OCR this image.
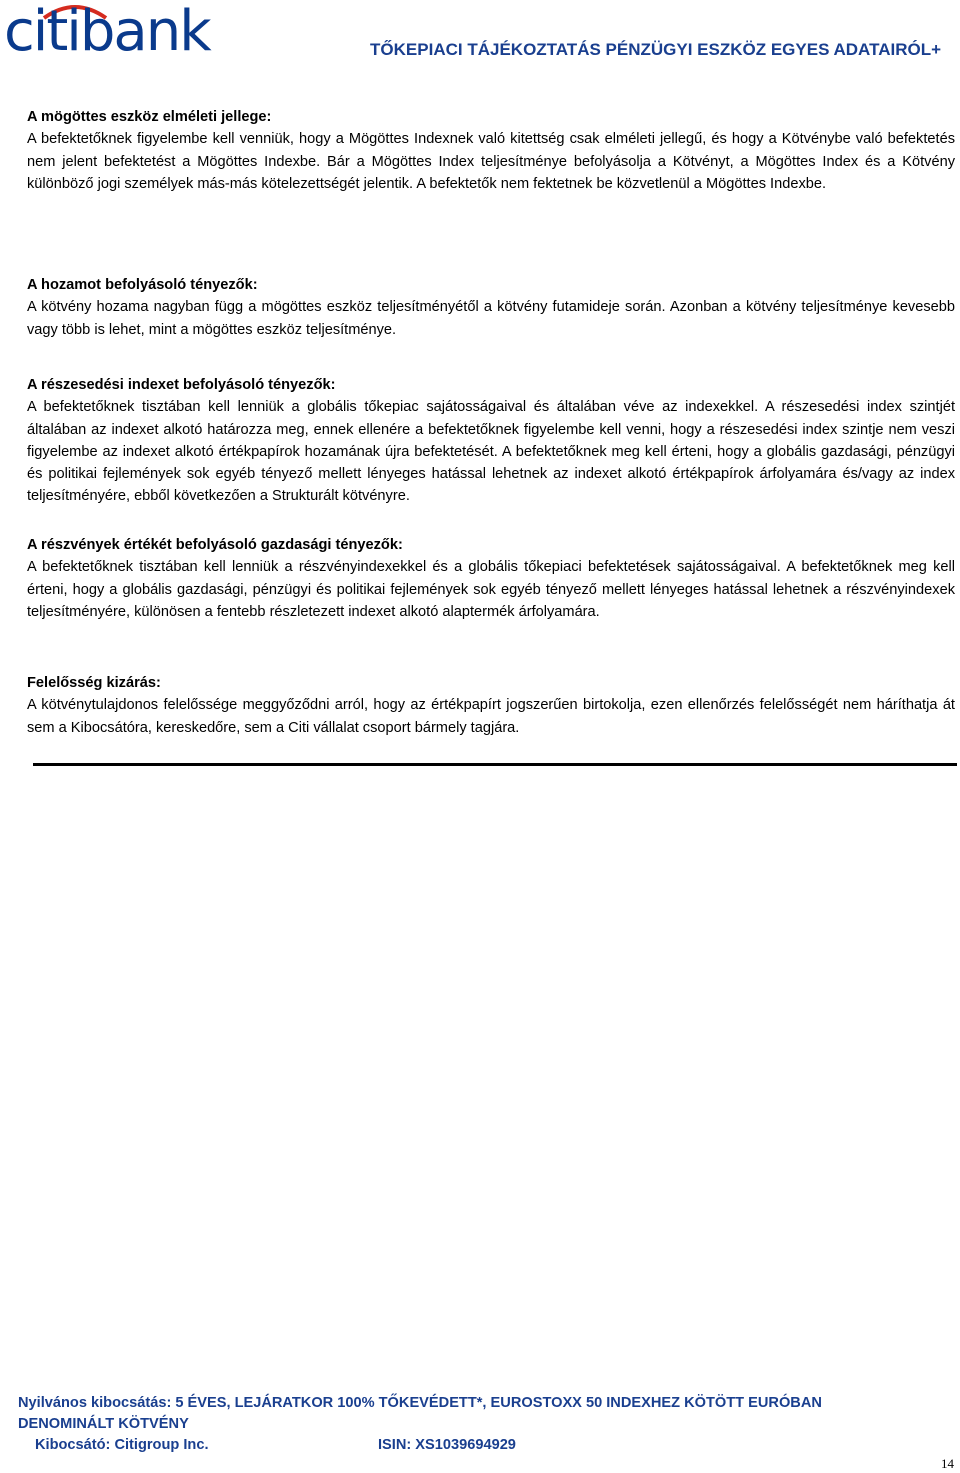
citibank	TŐKEPIACI TÁJÉKOZTATÁS PÉNZÜGYI ESZKÖZ EGYES ADATAIRÓL+

A mögöttes eszköz elméleti jellege:

A befektetőknek figyelembe kell venniük, hogy a Mögöttes Indexnek való kitettség csak elméleti jellegű, és hogy a Kötvénybe való befektetés nem jelent befektetést a Mögöttes Indexbe. Bár a Mögöttes Index teljesítménye befolyásolja a Kötvényt, a Mögöttes Index és a Kötvény különböző jogi személyek más-más kötelezettségét jelentik. A befektetők nem fektetnek be közvetlenül a Mögöttes Indexbe.

A hozamot befolyásoló tényezők:

A kötvény hozama nagyban függ a mögöttes eszköz teljesítményétől a kötvény futamideje során. Azonban a kötvény teljesítménye kevesebb vagy több is lehet, mint a mögöttes eszköz teljesítménye.

A részesedési indexet befolyásoló tényezők:

A befektetőknek tisztában kell lenniük a globális tőkepiac sajátosságaival és általában véve az indexekkel. A részesedési index szintjét általában az indexet alkotó határozza meg, ennek ellenére a befektetőknek figyelembe kell venni, hogy a részesedési index szintje nem veszi figyelembe az indexet alkotó értékpapírok hozamának újra befektetését. A befektetőknek meg kell érteni, hogy a globális gazdasági, pénzügyi és politikai fejlemények sok egyéb tényező mellett lényeges hatással lehetnek az indexet alkotó értékpapírok árfolyamára és/vagy az index teljesítményére, ebből következően a Strukturált kötvényre.

A részvények értékét befolyásoló gazdasági tényezők:

A befektetőknek tisztában kell lenniük a részvényindexekkel és a globális tőkepiaci befektetések sajátosságaival. A befektetőknek meg kell érteni, hogy a globális gazdasági, pénzügyi és politikai fejlemények sok egyéb tényező mellett lényeges hatással lehetnek a részvényindexek teljesítményére, különösen a fentebb részletezett indexet alkotó alaptermék árfolyamára.

Felelősség kizárás:

A kötvénytulajdonos felelőssége meggyőződni arról, hogy az értékpapírt jogszerűen birtokolja, ezen ellenőrzés felelősségét nem háríthatja át sem a Kibocsátóra, kereskedőre, sem a Citi vállalat csoport bármely tagjára.

Nyilvános kibocsátás: 5 ÉVES, LEJÁRATKOR 100% TŐKEVÉDETT*, EUROSTOXX 50 INDEXHEZ KÖTÖTT EURÓBAN DENOMINÁLT KÖTVÉNY
Kibocsátó: Citigroup Inc.	ISIN: XS1039694929
14
